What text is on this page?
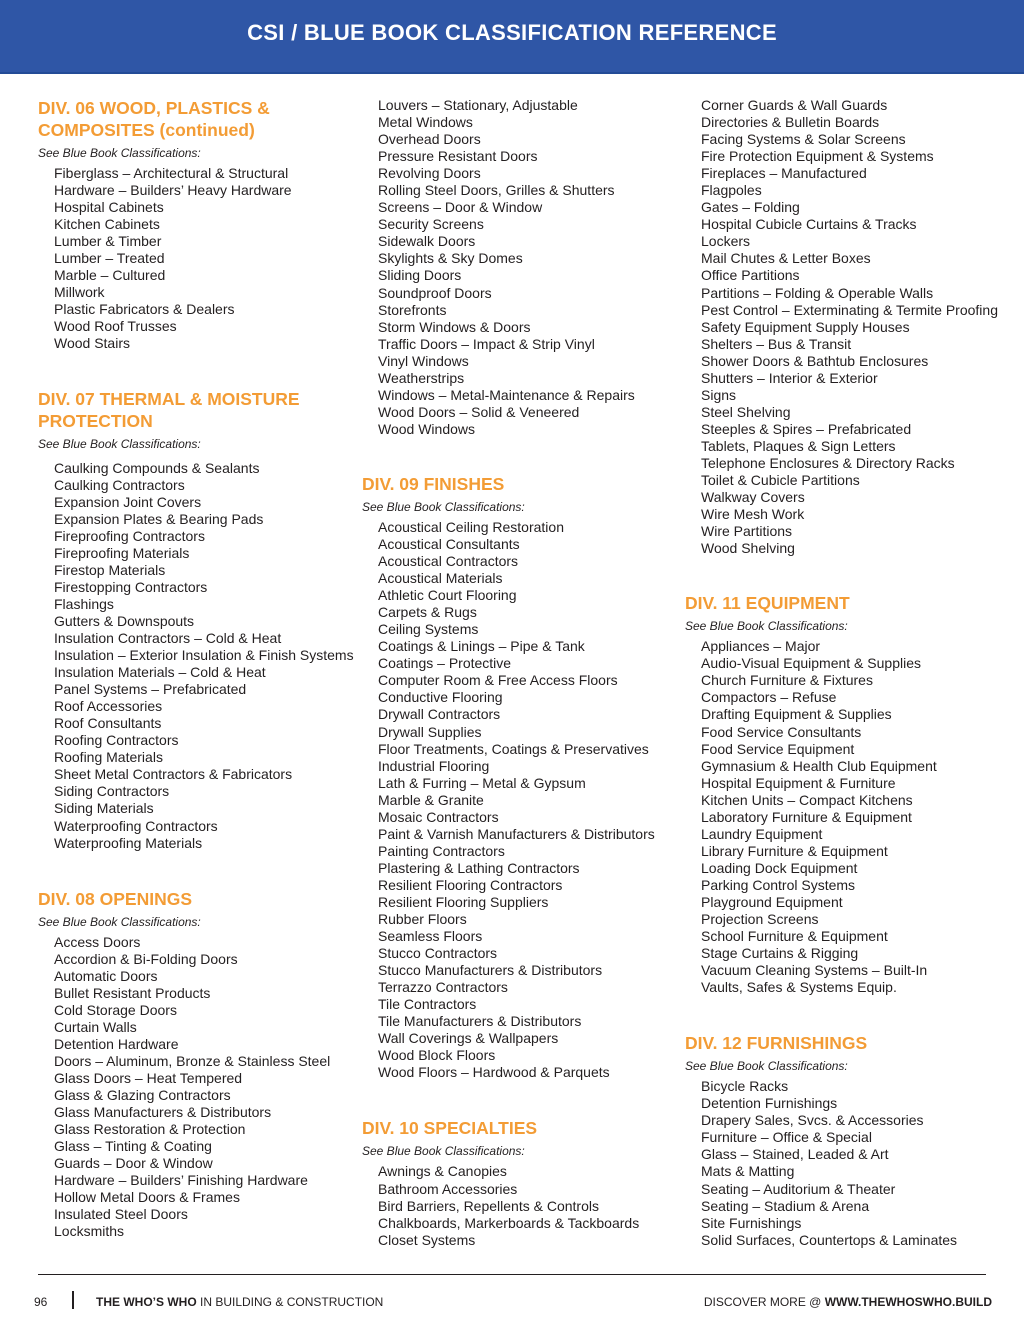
CSI / BLUE BOOK CLASSIFICATION REFERENCE
DIV. 06 WOOD, PLASTICS &
COMPOSITES (continued)
See Blue Book Classifications:
Fiberglass – Architectural & Structural
Hardware – Builders’ Heavy Hardware
Hospital Cabinets
Kitchen Cabinets
Lumber & Timber
Lumber – Treated
Marble – Cultured
Millwork
Plastic Fabricators & Dealers
Wood Roof Trusses
Wood Stairs
DIV. 07 THERMAL & MOISTURE
PROTECTION
See Blue Book Classifications:
Caulking Compounds & Sealants
Caulking Contractors
Expansion Joint Covers
Expansion Plates & Bearing Pads
Fireproofing Contractors
Fireproofing Materials
Firestop Materials
Firestopping Contractors
Flashings
Gutters & Downspouts
Insulation Contractors – Cold & Heat
Insulation – Exterior Insulation & Finish Systems
Insulation Materials – Cold & Heat
Panel Systems – Prefabricated
Roof Accessories
Roof Consultants
Roofing Contractors
Roofing Materials
Sheet Metal Contractors & Fabricators
Siding Contractors
Siding Materials
Waterproofing Contractors
Waterproofing Materials
DIV. 08 OPENINGS
See Blue Book Classifications:
Access Doors
Accordion & Bi-Folding Doors
Automatic Doors
Bullet Resistant Products
Cold Storage Doors
Curtain Walls
Detention Hardware
Doors – Aluminum, Bronze & Stainless Steel
Glass Doors – Heat Tempered
Glass & Glazing Contractors
Glass Manufacturers & Distributors
Glass Restoration & Protection
Glass – Tinting & Coating
Guards – Door & Window
Hardware – Builders’ Finishing Hardware
Hollow Metal Doors & Frames
Insulated Steel Doors
Locksmiths
Louvers – Stationary, Adjustable
Metal Windows
Overhead Doors
Pressure Resistant Doors
Revolving Doors
Rolling Steel Doors, Grilles & Shutters
Screens – Door & Window
Security Screens
Sidewalk Doors
Skylights & Sky Domes
Sliding Doors
Soundproof Doors
Storefronts
Storm Windows & Doors
Traffic Doors – Impact & Strip Vinyl
Vinyl Windows
Weatherstrips
Windows – Metal-Maintenance & Repairs
Wood Doors – Solid & Veneered
Wood Windows
DIV. 09 FINISHES
See Blue Book Classifications:
Acoustical Ceiling Restoration
Acoustical Consultants
Acoustical Contractors
Acoustical Materials
Athletic Court Flooring
Carpets & Rugs
Ceiling Systems
Coatings & Linings – Pipe & Tank
Coatings – Protective
Computer Room & Free Access Floors
Conductive Flooring
Drywall Contractors
Drywall Supplies
Floor Treatments, Coatings & Preservatives
Industrial Flooring
Lath & Furring – Metal & Gypsum
Marble & Granite
Mosaic Contractors
Paint & Varnish Manufacturers & Distributors
Painting Contractors
Plastering & Lathing Contractors
Resilient Flooring Contractors
Resilient Flooring Suppliers
Rubber Floors
Seamless Floors
Stucco Contractors
Stucco Manufacturers & Distributors
Terrazzo Contractors
Tile Contractors
Tile Manufacturers & Distributors
Wall Coverings & Wallpapers
Wood Block Floors
Wood Floors – Hardwood & Parquets
DIV. 10 SPECIALTIES
See Blue Book Classifications:
Awnings & Canopies
Bathroom Accessories
Bird Barriers, Repellents & Controls
Chalkboards, Markerboards & Tackboards
Closet Systems
Corner Guards & Wall Guards
Directories & Bulletin Boards
Facing Systems & Solar Screens
Fire Protection Equipment & Systems
Fireplaces – Manufactured
Flagpoles
Gates – Folding
Hospital Cubicle Curtains & Tracks
Lockers
Mail Chutes & Letter Boxes
Office Partitions
Partitions – Folding & Operable Walls
Pest Control – Exterminating & Termite Proofing
Safety Equipment Supply Houses
Shelters – Bus & Transit
Shower Doors & Bathtub Enclosures
Shutters – Interior & Exterior
Signs
Steel Shelving
Steeples & Spires – Prefabricated
Tablets, Plaques & Sign Letters
Telephone Enclosures & Directory Racks
Toilet & Cubicle Partitions
Walkway Covers
Wire Mesh Work
Wire Partitions
Wood Shelving
DIV. 11 EQUIPMENT
See Blue Book Classifications:
Appliances – Major
Audio-Visual Equipment & Supplies
Church Furniture & Fixtures
Compactors – Refuse
Drafting Equipment & Supplies
Food Service Consultants
Food Service Equipment
Gymnasium & Health Club Equipment
Hospital Equipment & Furniture
Kitchen Units – Compact Kitchens
Laboratory Furniture & Equipment
Laundry Equipment
Library Furniture & Equipment
Loading Dock Equipment
Parking Control Systems
Playground Equipment
Projection Screens
School Furniture & Equipment
Stage Curtains & Rigging
Vacuum Cleaning Systems – Built-In
Vaults, Safes & Systems Equip.
DIV. 12 FURNISHINGS
See Blue Book Classifications:
Bicycle Racks
Detention Furnishings
Drapery Sales, Svcs. & Accessories
Furniture – Office & Special
Glass – Stained, Leaded & Art
Mats & Matting
Seating – Auditorium & Theater
Seating – Stadium & Arena
Site Furnishings
Solid Surfaces, Countertops & Laminates
96	THE WHO’S WHO IN BUILDING & CONSTRUCTION	DISCOVER MORE @ WWW.THEWHOSWHO.BUILD
